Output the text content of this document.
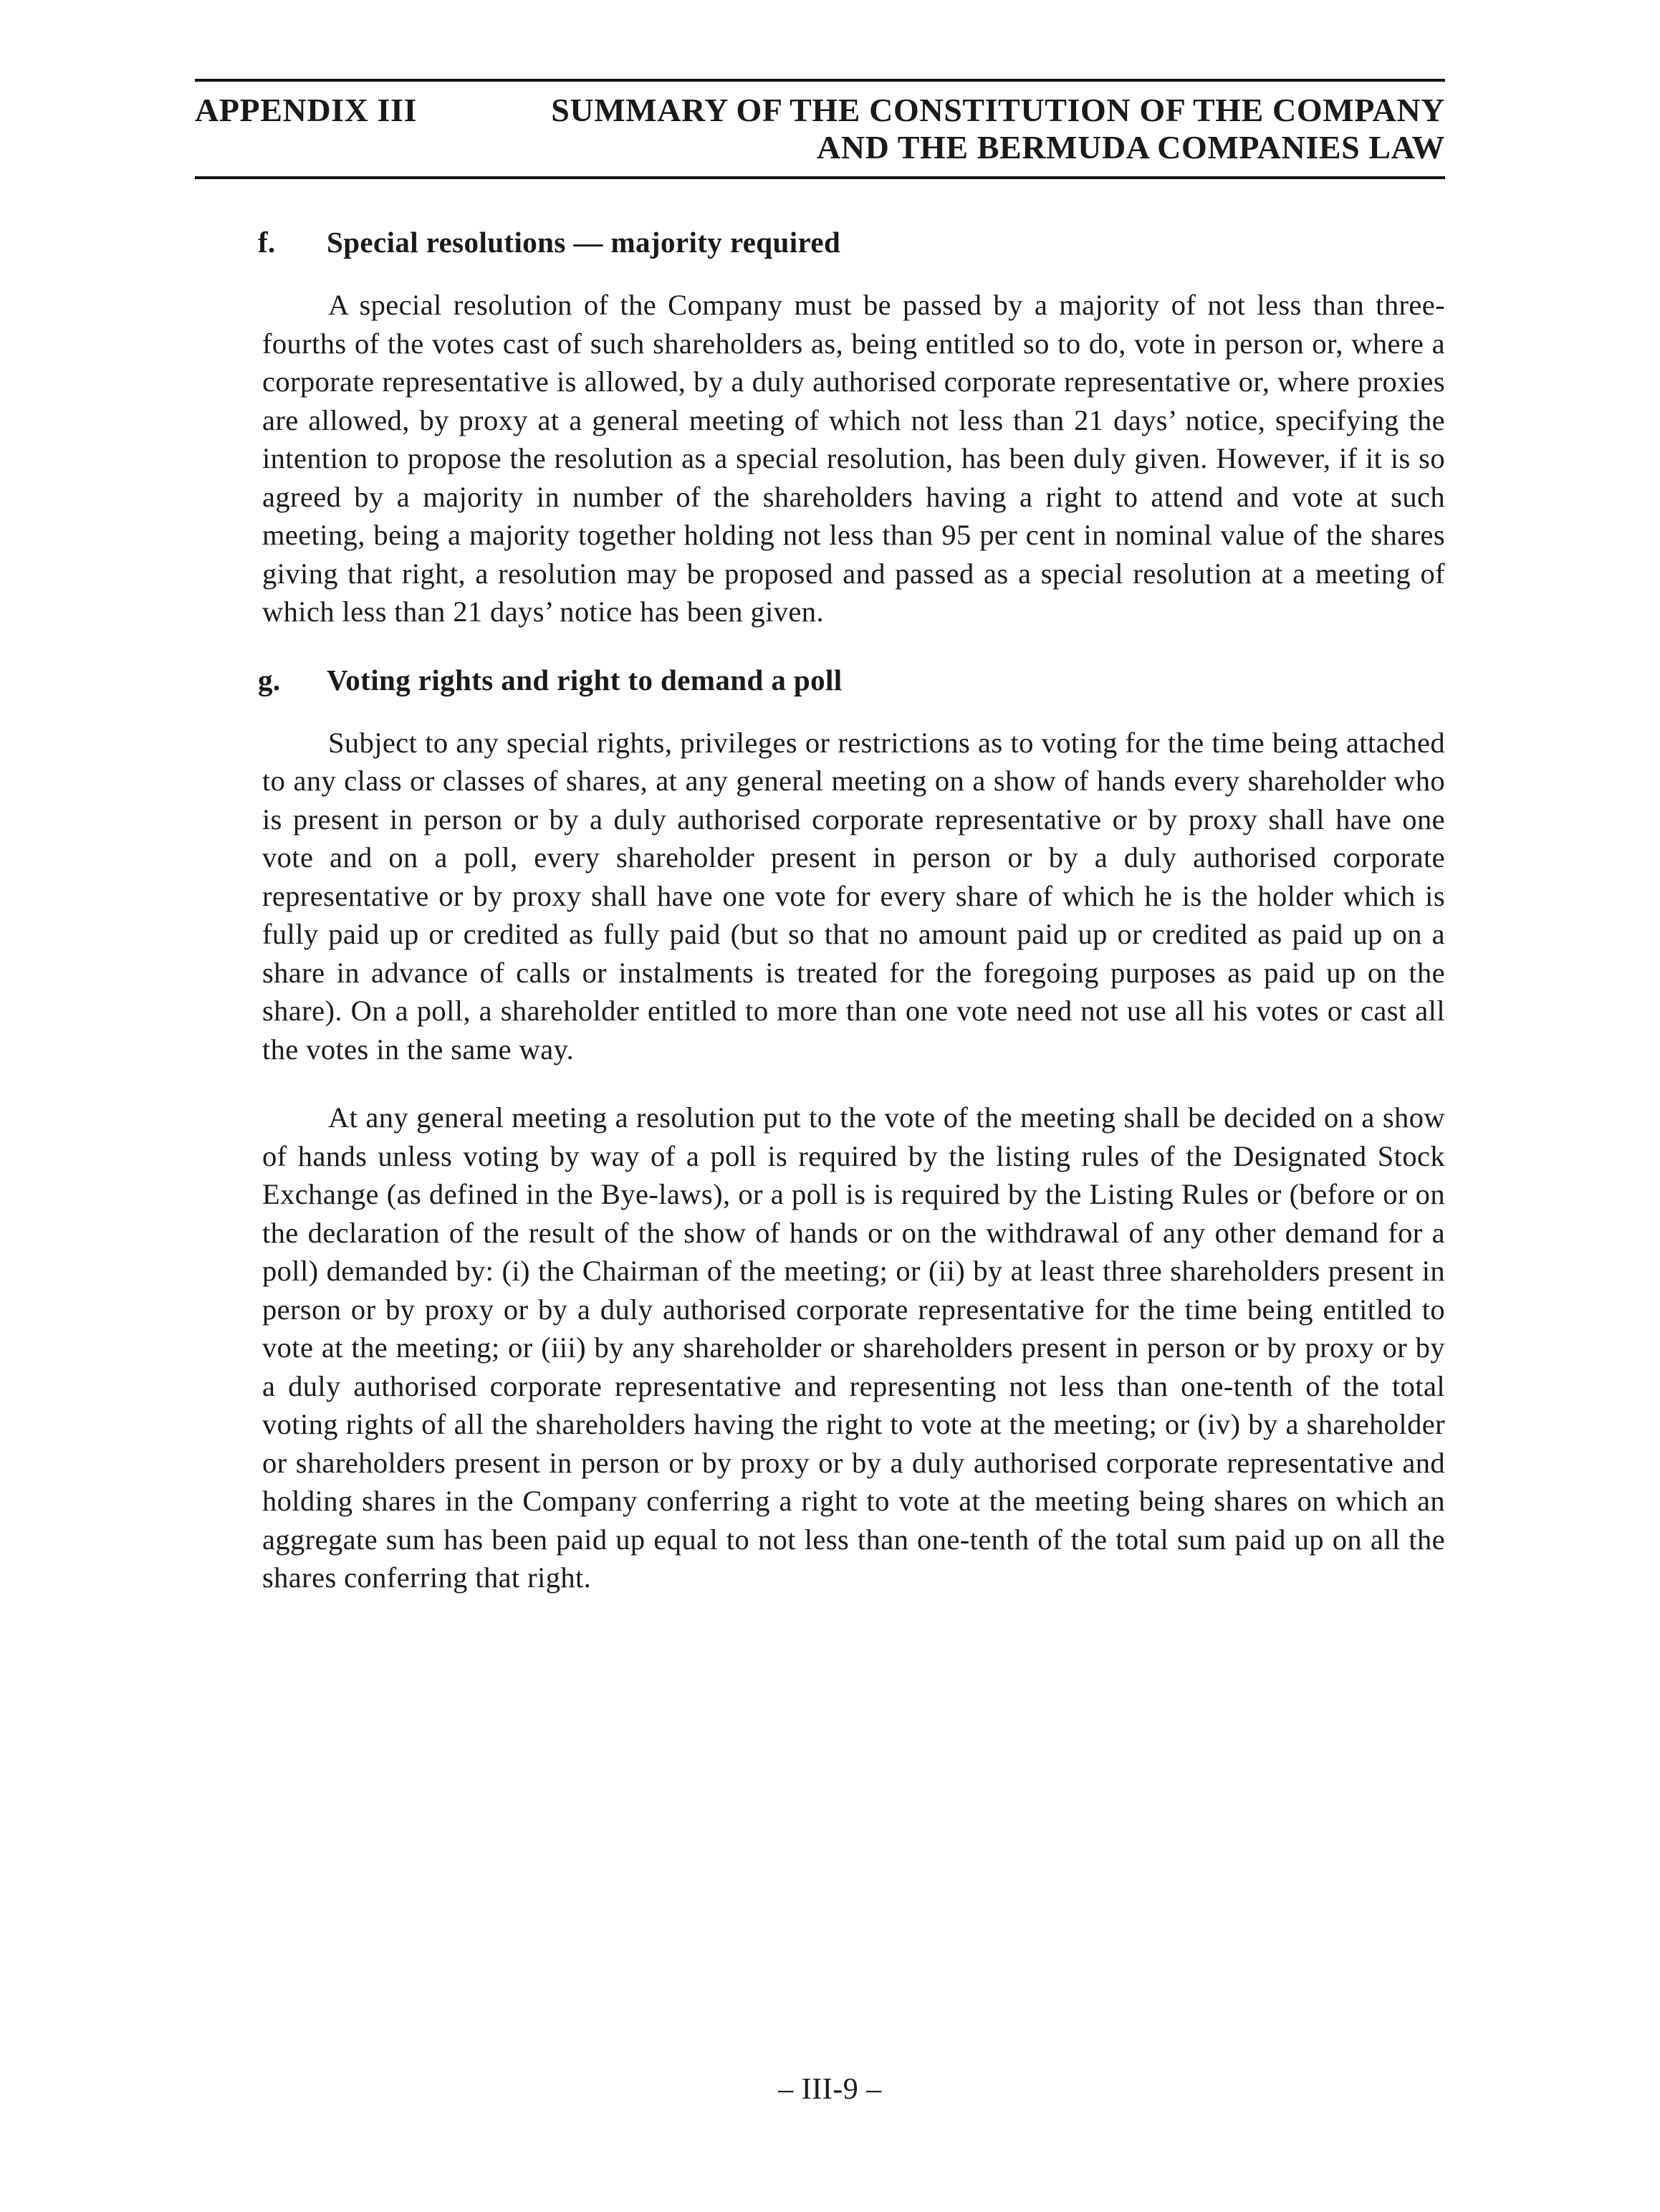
APPENDIX III	SUMMARY OF THE CONSTITUTION OF THE COMPANY
AND THE BERMUDA COMPANIES LAW
f. Special resolutions — majority required

A special resolution of the Company must be passed by a majority of not less than three-fourths of the votes cast of such shareholders as, being entitled so to do, vote in person or, where a corporate representative is allowed, by a duly authorised corporate representative or, where proxies are allowed, by proxy at a general meeting of which not less than 21 days’ notice, specifying the intention to propose the resolution as a special resolution, has been duly given. However, if it is so agreed by a majority in number of the shareholders having a right to attend and vote at such meeting, being a majority together holding not less than 95 per cent in nominal value of the shares giving that right, a resolution may be proposed and passed as a special resolution at a meeting of which less than 21 days’ notice has been given.

g. Voting rights and right to demand a poll

Subject to any special rights, privileges or restrictions as to voting for the time being attached to any class or classes of shares, at any general meeting on a show of hands every shareholder who is present in person or by a duly authorised corporate representative or by proxy shall have one vote and on a poll, every shareholder present in person or by a duly authorised corporate representative or by proxy shall have one vote for every share of which he is the holder which is fully paid up or credited as fully paid (but so that no amount paid up or credited as paid up on a share in advance of calls or instalments is treated for the foregoing purposes as paid up on the share). On a poll, a shareholder entitled to more than one vote need not use all his votes or cast all the votes in the same way.

At any general meeting a resolution put to the vote of the meeting shall be decided on a show of hands unless voting by way of a poll is required by the listing rules of the Designated Stock Exchange (as defined in the Bye-laws), or a poll is is required by the Listing Rules or (before or on the declaration of the result of the show of hands or on the withdrawal of any other demand for a poll) demanded by: (i) the Chairman of the meeting; or (ii) by at least three shareholders present in person or by proxy or by a duly authorised corporate representative for the time being entitled to vote at the meeting; or (iii) by any shareholder or shareholders present in person or by proxy or by a duly authorised corporate representative and representing not less than one-tenth of the total voting rights of all the shareholders having the right to vote at the meeting; or (iv) by a shareholder or shareholders present in person or by proxy or by a duly authorised corporate representative and holding shares in the Company conferring a right to vote at the meeting being shares on which an aggregate sum has been paid up equal to not less than one-tenth of the total sum paid up on all the shares conferring that right.

– III-9 –
